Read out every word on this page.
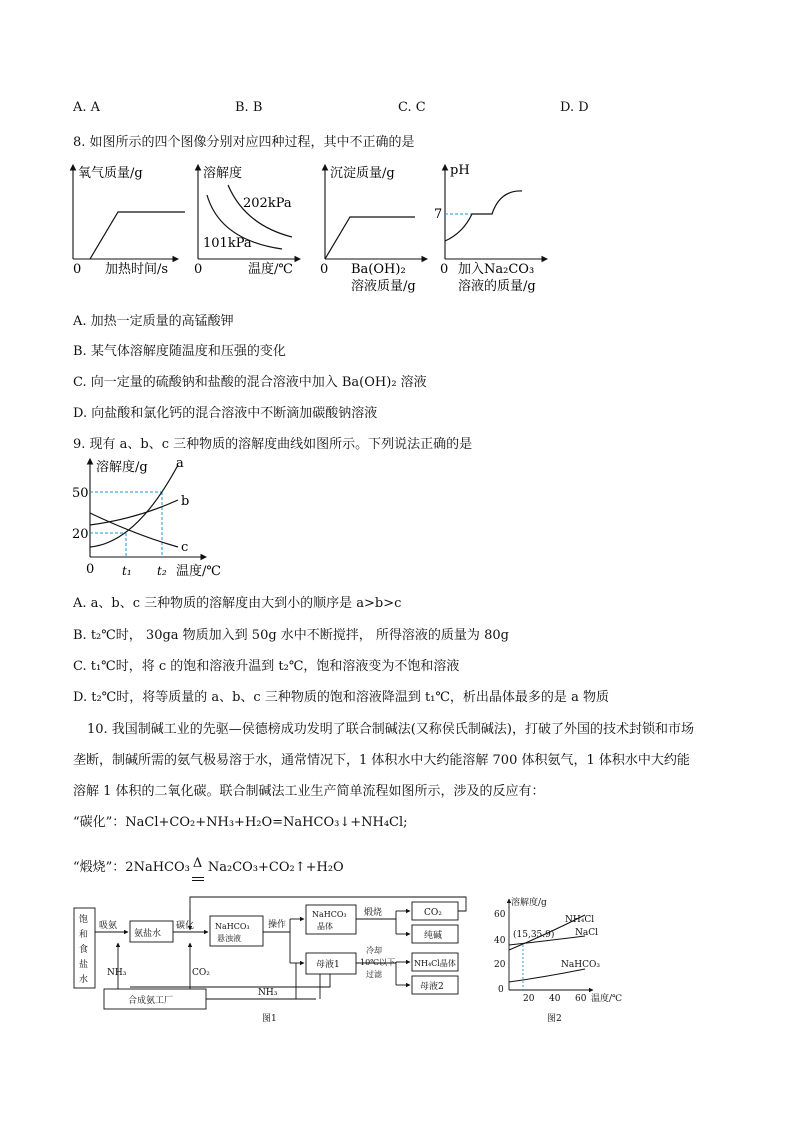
A. A	B. B	C. C	D. D
8. 如图所示的四个图像分别对应四种过程，其中不正确的是
氧气质量/g
0 加热时间/s
溶解度
202kPa
101kPa
0	温度/℃
沉淀质量/g
0 Ba(OH)₂
溶液质量/g
pH
7
0 加入Na₂CO₃
溶液的质量/g
A. 加热一定质量的高锰酸钾
B. 某气体溶解度随温度和压强的变化
C. 向一定量的硫酸钠和盐酸的混合溶液中加入 Ba(OH)₂ 溶液
D. 向盐酸和氯化钙的混合溶液中不断滴加碳酸钠溶液
9. 现有 a、b、c 三种物质的溶解度曲线如图所示。下列说法正确的是
溶解度/g
50
20
a
b
c
0 t₁ t₂ 温度/℃
A. a、b、c 三种物质的溶解度由大到小的顺序是 a>b>c
B. t₂℃时， 30ga 物质加入到 50g 水中不断搅拌， 所得溶液的质量为 80g
C. t₁℃时，将 c 的饱和溶液升温到 t₂℃，饱和溶液变为不饱和溶液
D. t₂℃时，将等质量的 a、b、c 三种物质的饱和溶液降温到 t₁℃，析出晶体最多的是 a 物质
10. 我国制碱工业的先驱—侯德榜成功发明了联合制碱法(又称侯氏制碱法)，打破了外国的技术封锁和市场
垄断，制碱所需的氨气极易溶于水，通常情况下，1 体积水中大约能溶解 700 体积氨气，1 体积水中大约能
溶解 1 体积的二氧化碳。联合制碱法工业生产简单流程如图所示，涉及的反应有：
“碳化”：NaCl+CO₂+NH₃+H₂O=NaHCO₃↓+NH₄Cl;
“煅烧”：2NaHCO₃ Δ Na₂CO₃+CO₂↑+H₂O
饱
和
食
盐
水
吸氨
NH₃
氨盐水
碳化
CO₂
NaHCO₃
悬浊液
操作
NaHCO₃
晶体
煅烧	CO₂
纯碱
母液1
冷却
10℃以下
过滤
NH₄Cl晶体
母液2
合成氨工厂
NH₃
图1
溶解度/g
60
40
20
0
20 40 60 温度/℃
(15,35.9)
NH₄Cl
NaCl
NaHCO₃
图2
